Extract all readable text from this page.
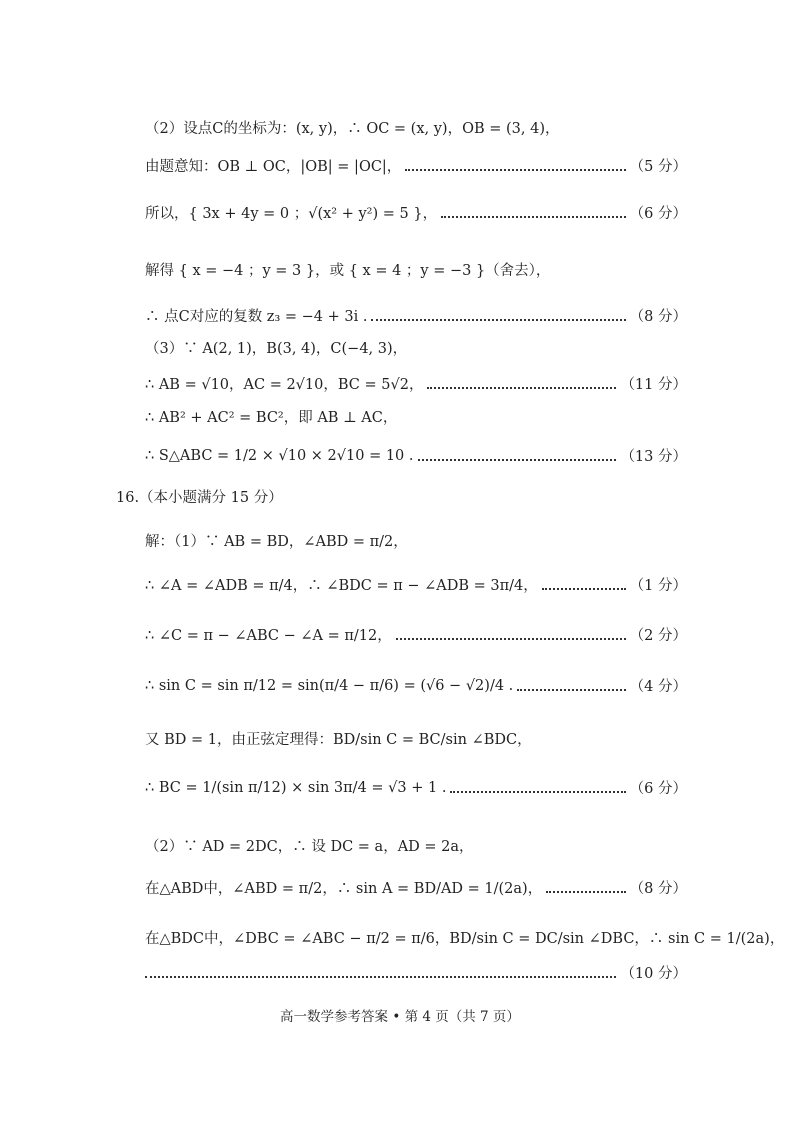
（2）设点C的坐标为：(x, y)，∴ OC = (x, y)，OB = (3, 4)，
由题意知：OB ⊥ OC，|OB| = |OC|，	（5 分）
所以，{ 3x + 4y = 0 ；√(x² + y²) = 5 }，	（6 分）
解得 { x = −4 ；y = 3 }，或 { x = 4 ；y = −3 }（舍去），
∴ 点C对应的复数 z₃ = −4 + 3i .	（8 分）
（3）∵ A(2, 1)，B(3, 4)，C(−4, 3)，
∴ AB = √10，AC = 2√10，BC = 5√2，	（11 分）
∴ AB² + AC² = BC²，即 AB ⊥ AC，
∴ S△ABC = 1/2 × √10 × 2√10 = 10 .	（13 分）
16.（本小题满分 15 分）
解：（1）∵ AB = BD，∠ABD = π/2，
∴ ∠A = ∠ADB = π/4，∴ ∠BDC = π − ∠ADB = 3π/4，	（1 分）
∴ ∠C = π − ∠ABC − ∠A = π/12，	（2 分）
∴ sin C = sin π/12 = sin(π/4 − π/6) = (√6 − √2)/4 .	（4 分）
又 BD = 1，由正弦定理得：BD/sin C = BC/sin ∠BDC，
∴ BC = 1/(sin π/12) × sin 3π/4 = √3 + 1 .	（6 分）
（2）∵ AD = 2DC，∴ 设 DC = a，AD = 2a，
在△ABD中，∠ABD = π/2，∴ sin A = BD/AD = 1/(2a)，	（8 分）
在△BDC中，∠DBC = ∠ABC − π/2 = π/6，BD/sin C = DC/sin ∠DBC，∴ sin C = 1/(2a)，
（10 分）
高一数学参考答案 • 第 4 页（共 7 页）
